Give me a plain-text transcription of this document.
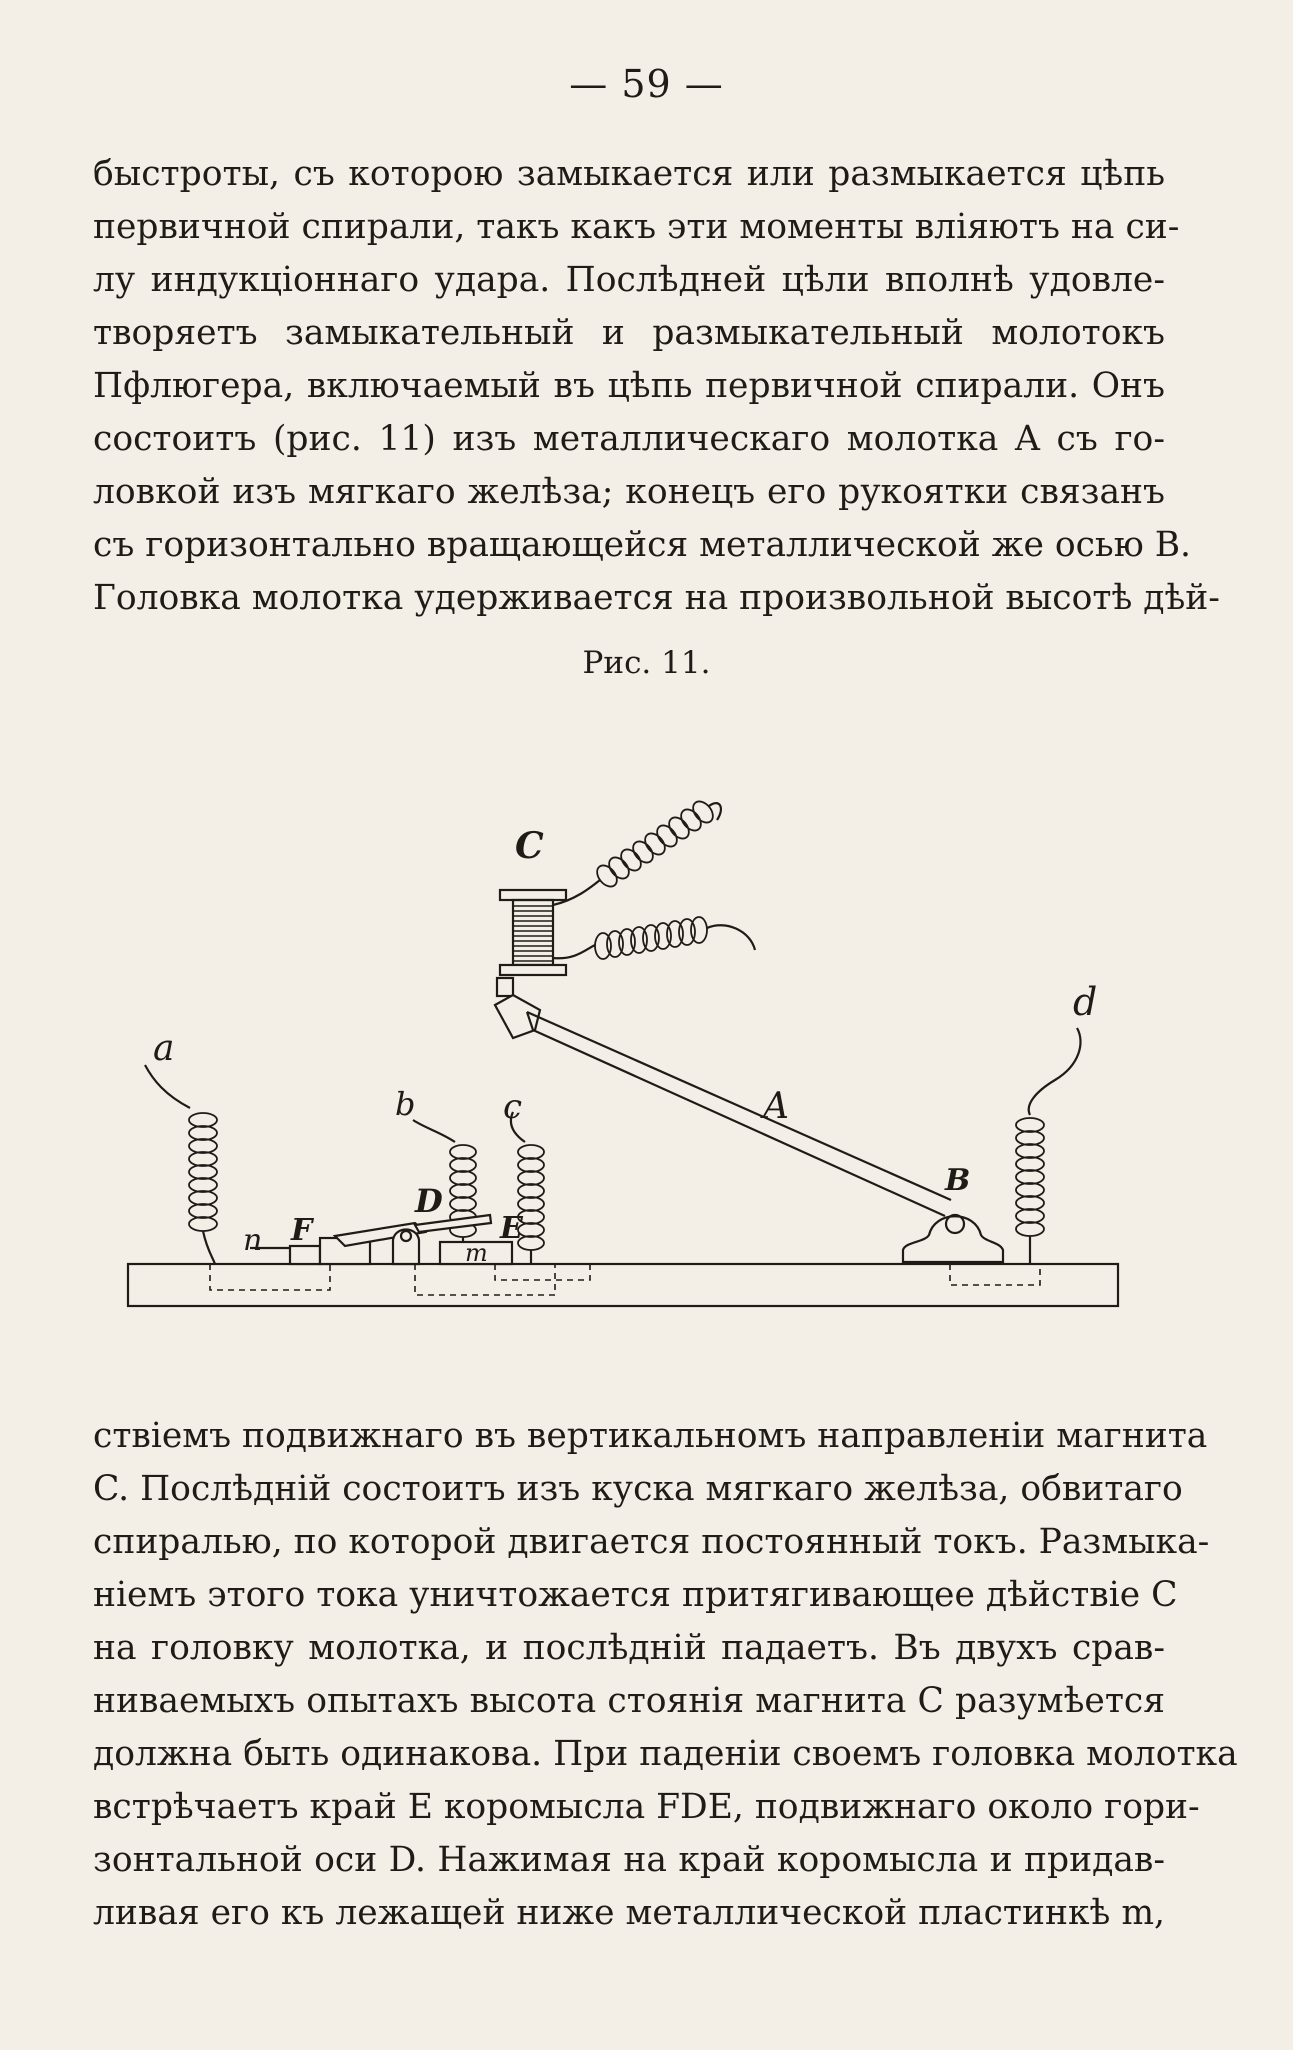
— 59 —
быстроты, съ которою замыкается или размыкается цѣпь
первичной спирали, такъ какъ эти моменты вліяютъ на си-
лу индукціоннаго удара. Послѣдней цѣли вполнѣ удовле-
творяетъ замыкательный и размыкательный молотокъ
Пфлюгера, включаемый въ цѣпь первичной спирали. Онъ
состоитъ (рис. 11) изъ металлическаго молотка A съ го-
ловкой изъ мягкаго желѣза; конецъ его рукоятки связанъ
съ горизонтально вращающейся металлической же осью B.
Головка молотка удерживается на произвольной высотѣ дѣй-
Рис. 11.
C
d
a
b	c	A
B
D
E
F
n	m
ствіемъ подвижнаго въ вертикальномъ направленіи магнита
C. Послѣдній состоитъ изъ куска мягкаго желѣза, обвитаго
спиралью, по которой двигается постоянный токъ. Размыка-
ніемъ этого тока уничтожается притягивающее дѣйствіе C
на головку молотка, и послѣдній падаетъ. Въ двухъ срав-
ниваемыхъ опытахъ высота стоянія магнита C разумѣется
должна быть одинакова. При паденіи своемъ головка молотка
встрѣчаетъ край E коромысла FDE, подвижнаго около гори-
зонтальной оси D. Нажимая на край коромысла и придав-
ливая его къ лежащей ниже металлической пластинкѣ m,
